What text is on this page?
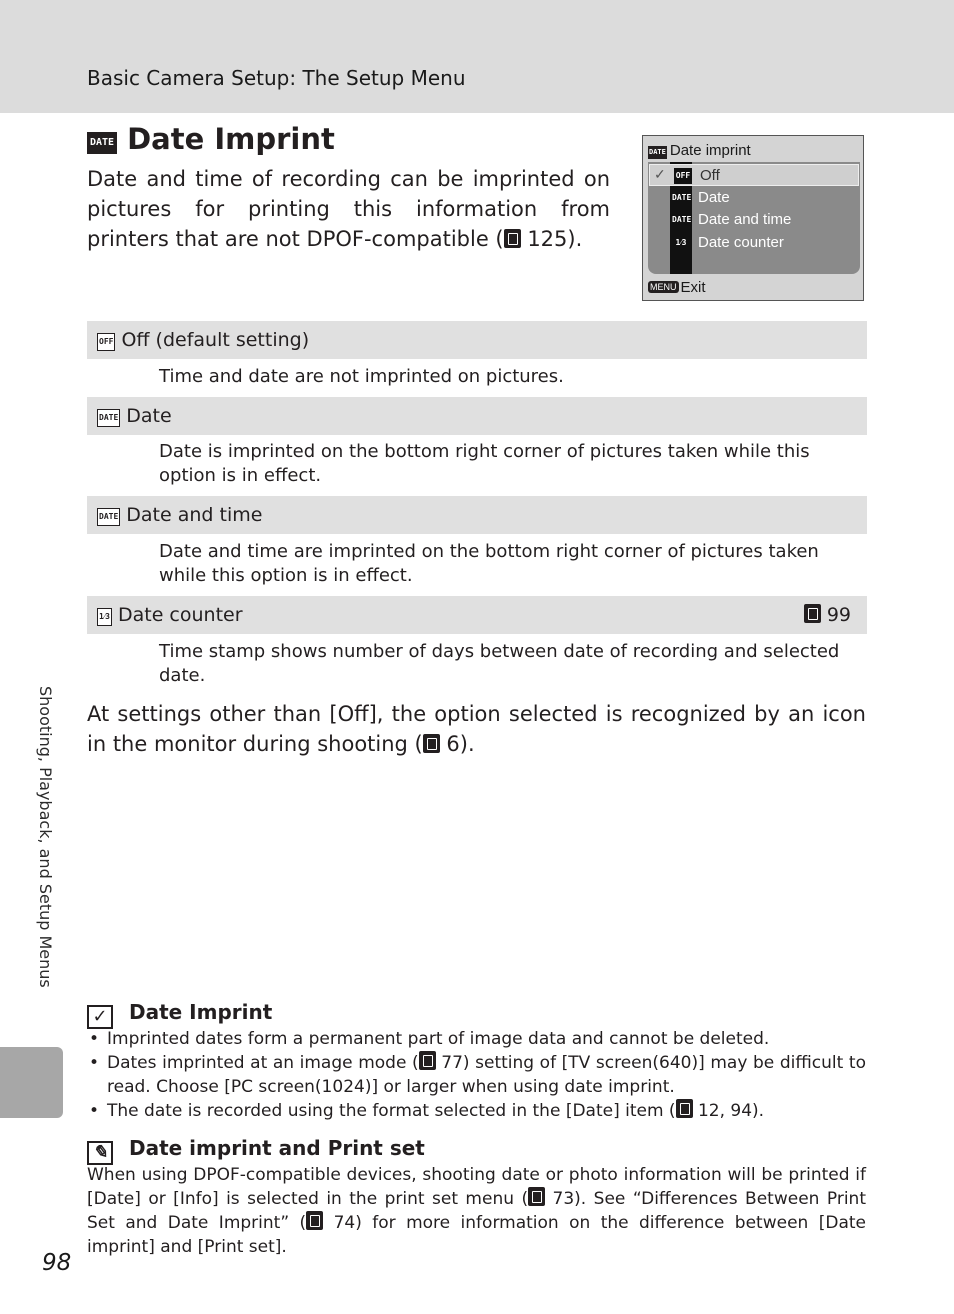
Basic Camera Setup: The Setup Menu
Shooting, Playback, and Setup Menus
98
DATE Date Imprint

Date and time of recording can be imprinted on pictures for printing this information from printers that are not DPOF-compatible ( 125).

DATE Date imprint
✓ OFF Off
DATE Date
DATE Date and time
1⁄3 Date counter
MENU Exit
OFF Off (default setting)

Time and date are not imprinted on pictures.

DATE Date

Date is imprinted on the bottom right corner of pictures taken while this option is in effect.

DATE Date and time

Date and time are imprinted on the bottom right corner of pictures taken while this option is in effect.

1⁄3 Date counter	99

Time stamp shows number of days between date of recording and selected date.

At settings other than [Off], the option selected is recognized by an icon in the monitor during shooting ( 6).

✓ Date Imprint
• Imprinted dates form a permanent part of image data and cannot be deleted.
• Dates imprinted at an image mode ( 77) setting of [TV screen(640)] may be difficult to read. Choose [PC screen(1024)] or larger when using date imprint.
• The date is recorded using the format selected in the [Date] item ( 12, 94).
✎ Date imprint and Print set

When using DPOF-compatible devices, shooting date or photo information will be printed if [Date] or [Info] is selected in the print set menu ( 73). See “Differences Between Print Set and Date Imprint” ( 74) for more information on the difference between [Date imprint] and [Print set].
